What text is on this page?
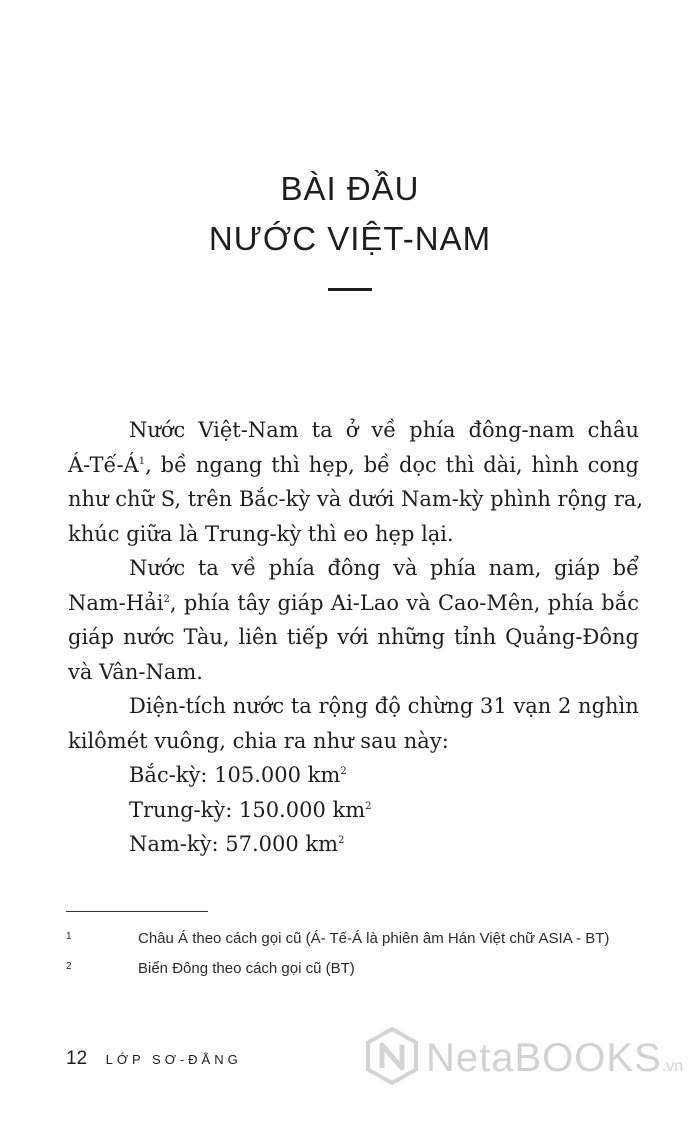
BÀI ĐẦU
NƯỚC VIỆT-NAM
Nước Việt-Nam ta ở về phía đông-nam châu
Á-Tế-Á$^1$, bề ngang thì hẹp, bề dọc thì dài, hình cong
như chữ S, trên Bắc-kỳ và dưới Nam-kỳ phình rộng ra,
khúc giữa là Trung-kỳ thì eo hẹp lại.
Nước ta về phía đông và phía nam, giáp bể
Nam-Hải$^2$, phía tây giáp Ai-Lao và Cao-Mên, phía bắc
giáp nước Tàu, liên tiếp với những tỉnh Quảng-Đông
và Vân-Nam.
Diện-tích nước ta rộng độ chừng 31 vạn 2 nghìn
kilômét vuông, chia ra như sau này:
Bắc-kỳ: 105.000 $km^2$
Trung-kỳ: 150.000 $km^2$
Nam-kỳ: 57.000 $km^2$
1	Châu Á theo cách gọi cũ (Á- Tế-Á là phiên âm Hán Việt chữ ASIA - BT)
2	Biển Đông theo cách gọi cũ (BT)
12 LỚP SƠ-ĐẲNG	NetaBOOKS.vn
